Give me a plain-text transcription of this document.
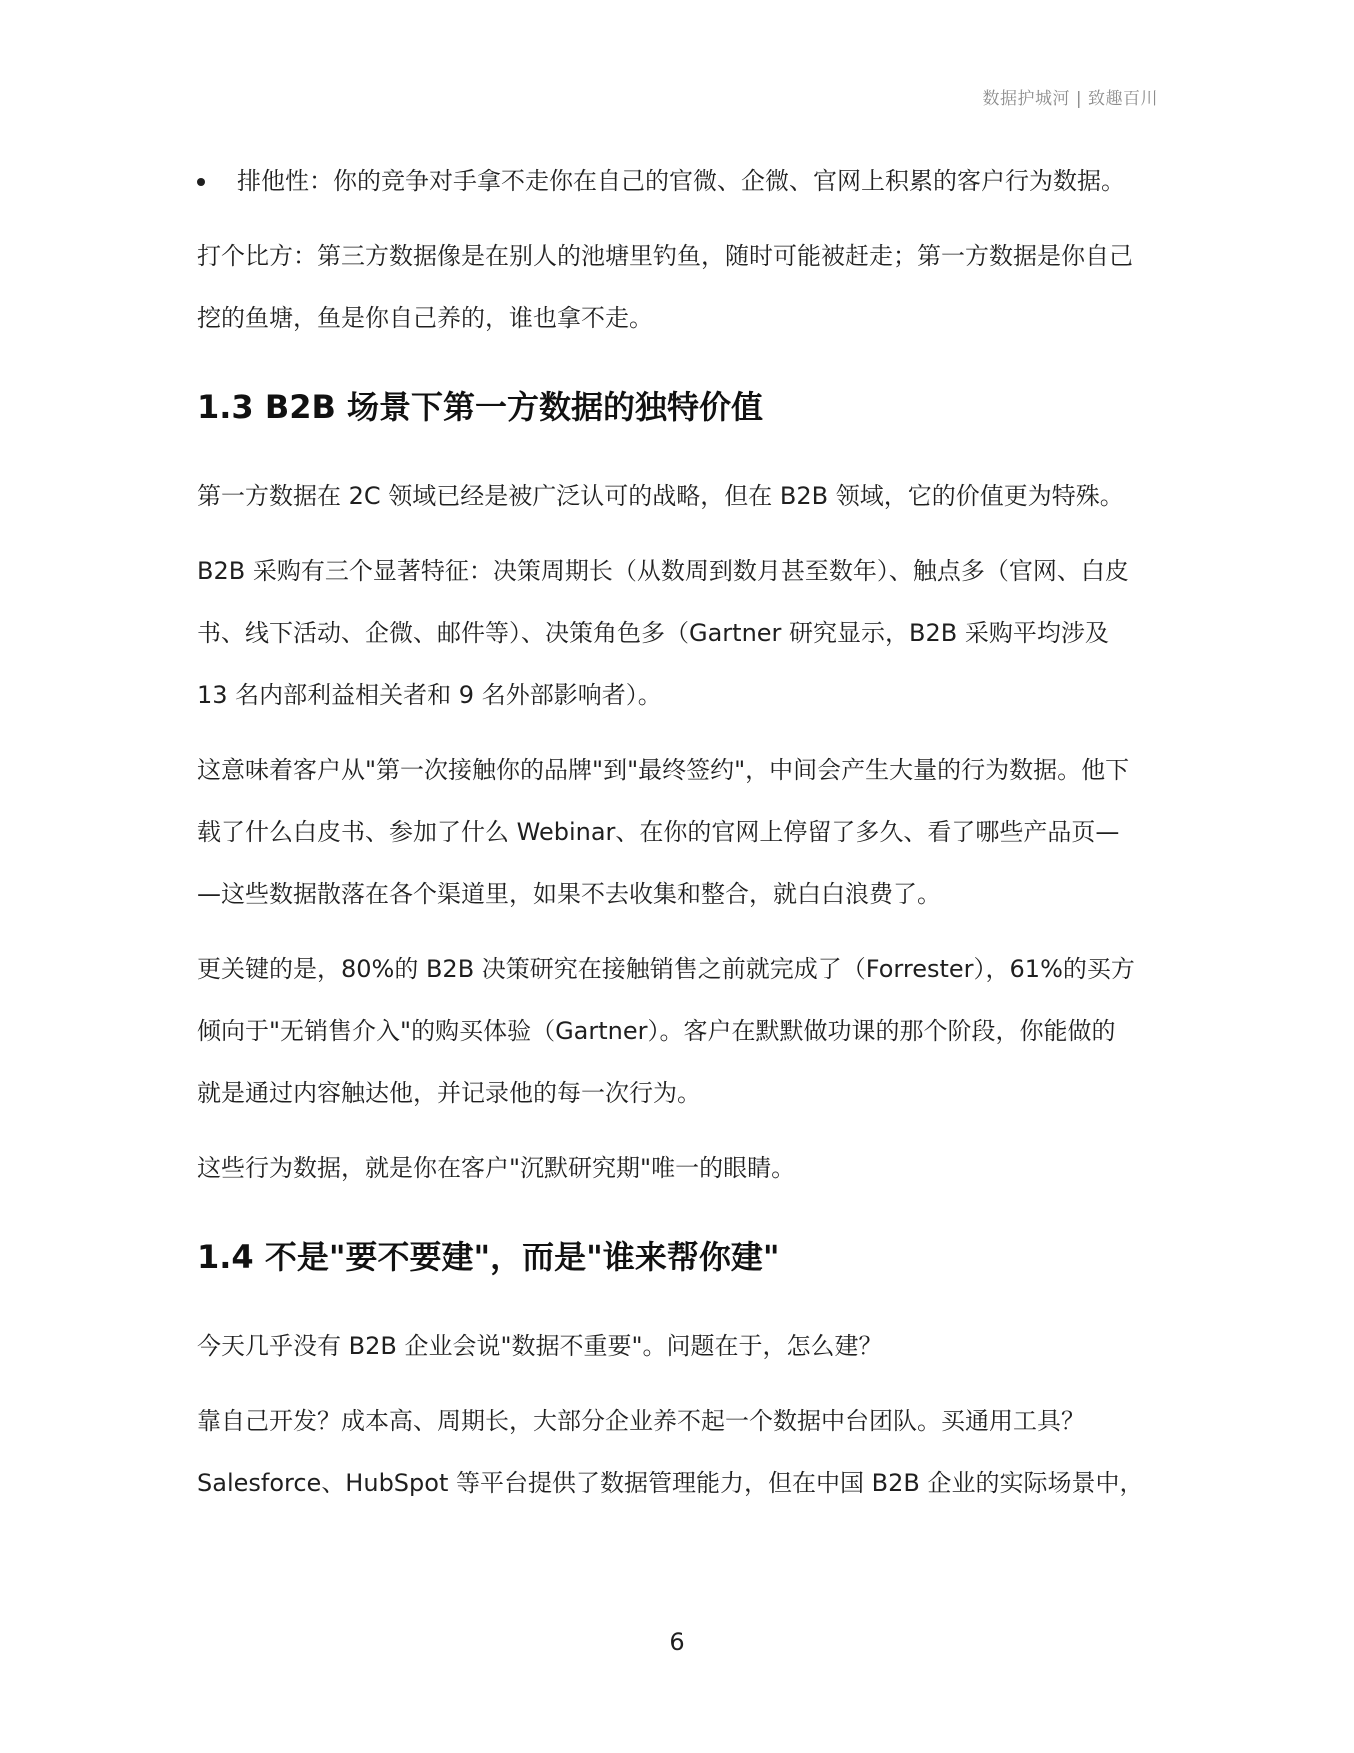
数据护城河 | 致趣百川
排他性：你的竞争对手拿不走你在自己的官微、企微、官网上积累的客户行为数据。

打个比方：第三方数据像是在别人的池塘里钓鱼，随时可能被赶走；第一方数据是你自己
挖的鱼塘，鱼是你自己养的，谁也拿不走。

1.3 B2B 场景下第一方数据的独特价值

第一方数据在 2C 领域已经是被广泛认可的战略，但在 B2B 领域，它的价值更为特殊。

B2B 采购有三个显著特征：决策周期长（从数周到数月甚至数年）、触点多（官网、白皮
书、线下活动、企微、邮件等）、决策角色多（Gartner 研究显示，B2B 采购平均涉及
13 名内部利益相关者和 9 名外部影响者）。

这意味着客户从"第一次接触你的品牌"到"最终签约"，中间会产生大量的行为数据。他下
载了什么白皮书、参加了什么 Webinar、在你的官网上停留了多久、看了哪些产品页—
—这些数据散落在各个渠道里，如果不去收集和整合，就白白浪费了。

更关键的是，80%的 B2B 决策研究在接触销售之前就完成了（Forrester），61%的买方
倾向于"无销售介入"的购买体验（Gartner）。客户在默默做功课的那个阶段，你能做的
就是通过内容触达他，并记录他的每一次行为。

这些行为数据，就是你在客户"沉默研究期"唯一的眼睛。

1.4 不是"要不要建"，而是"谁来帮你建"

今天几乎没有 B2B 企业会说"数据不重要"。问题在于，怎么建？

靠自己开发？成本高、周期长，大部分企业养不起一个数据中台团队。买通用工具？
Salesforce、HubSpot 等平台提供了数据管理能力，但在中国 B2B 企业的实际场景中，

6
